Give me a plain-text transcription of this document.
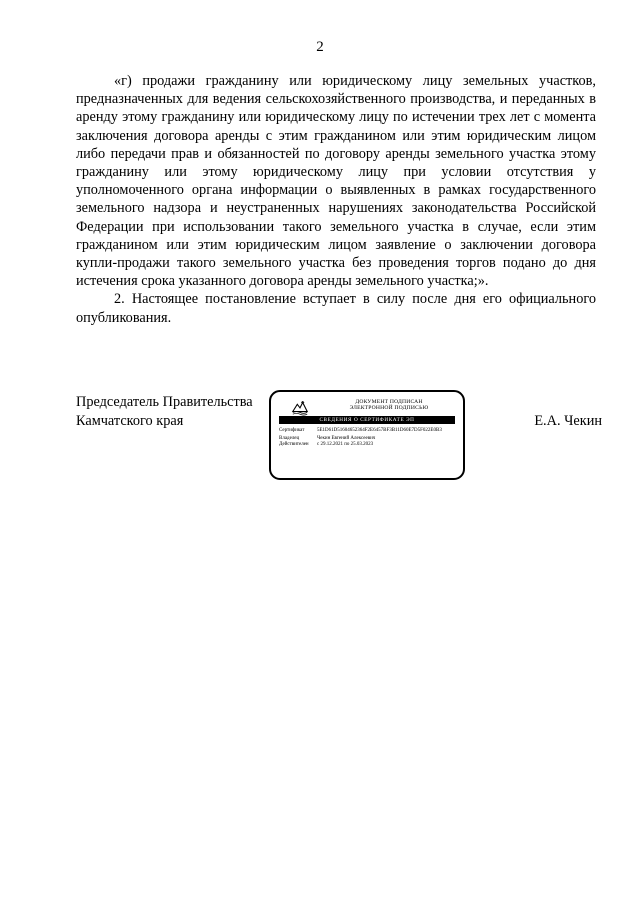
2

«г) продажи гражданину или юридическому лицу земельных участков, предназначенных для ведения сельскохозяйственного производства, и переданных в аренду этому гражданину или юридическому лицу по истечении трех лет с момента заключения договора аренды с этим гражданином или этим юридическим лицом либо передачи прав и обязанностей по договору аренды земельного участка этому гражданину или этому юридическому лицу при условии отсутствия у уполномоченного органа информации о выявленных в рамках государственного земельного надзора и неустраненных нарушениях законодательства Российской Федерации при использовании такого земельного участка в случае, если этим гражданином или этим юридическим лицом заявление о заключении договора купли-продажи такого земельного участка без проведения торгов подано до дня истечения срока указанного договора аренды земельного участка;».

2. Настоящее постановление вступает в силу после дня его официального опубликования.

Председатель Правительства
Камчатского края
ДОКУМЕНТ ПОДПИСАН
ЭЛЕКТРОННОЙ ПОДПИСЬЮ
СВЕДЕНИЯ О СЕРТИФИКАТЕ ЭП
Сертификат	5E1D61D51604652364F2E6457BF3B11D60E7D5F022E0B3
Владелец	Чекин Евгений Алексеевич
Действителен	с 29.12.2021 по 25.03.2023
Е.А. Чекин
